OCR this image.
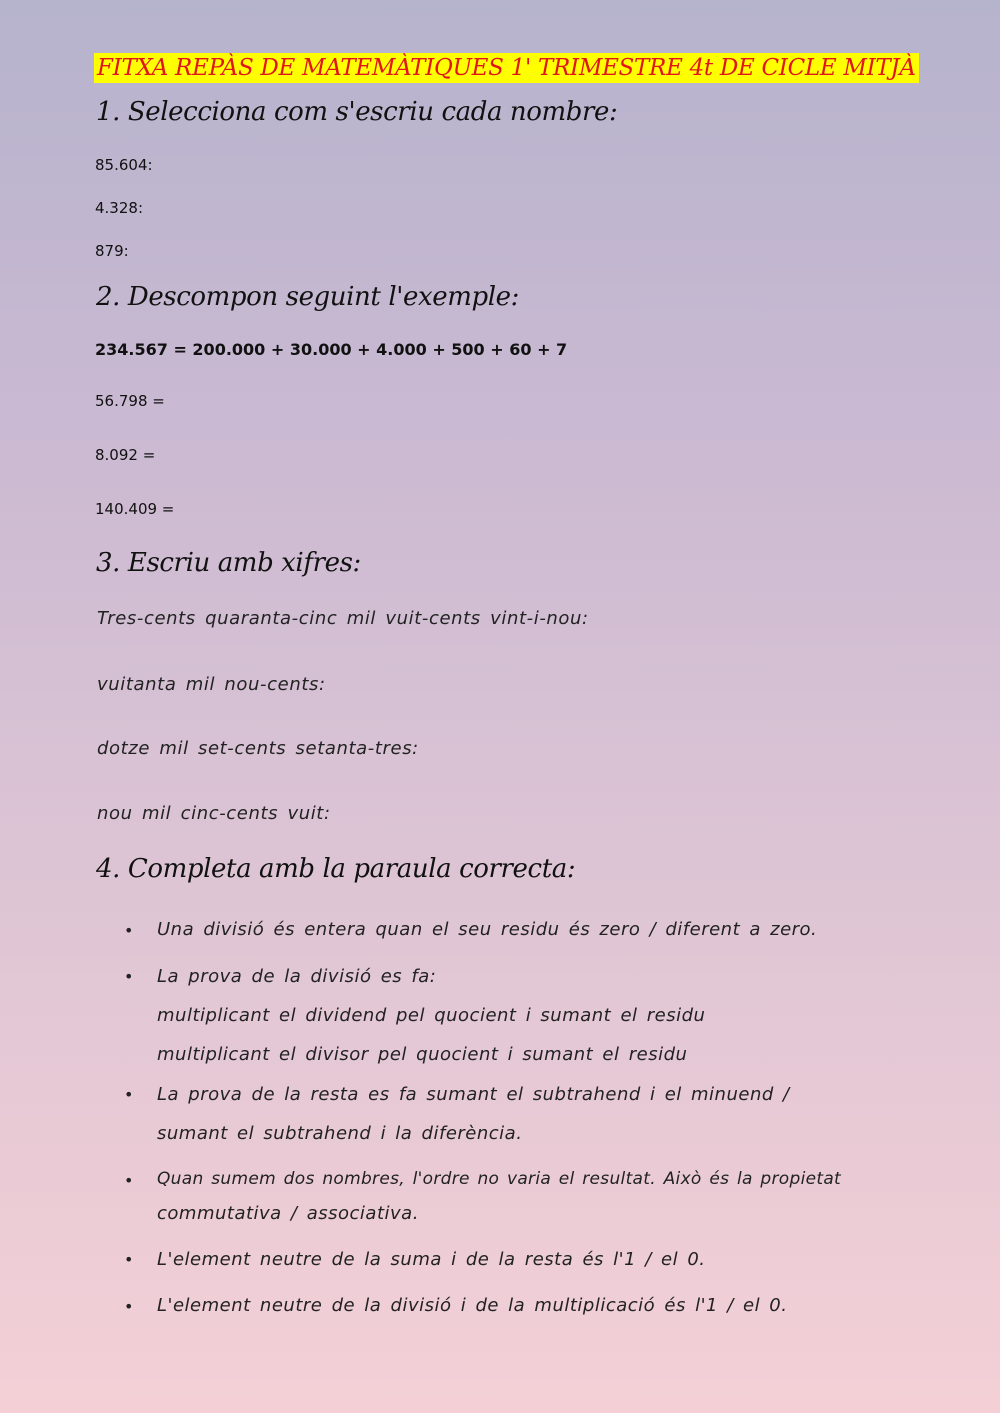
FITXA REPÀS DE MATEMÀTIQUES 1' TRIMESTRE 4t DE CICLE MITJÀ
1. Selecciona com s'escriu cada nombre:
85.604:
4.328:
879:
2. Descompon seguint l'exemple:
234.567 = 200.000 + 30.000 + 4.000 + 500 + 60 + 7
56.798 =
8.092 =
140.409 =
3. Escriu amb xifres:
Tres-cents quaranta-cinc mil vuit-cents vint-i-nou:
vuitanta mil nou-cents:
dotze mil set-cents setanta-tres:
nou mil cinc-cents vuit:
4. Completa amb la paraula correcta:
• Una divisió és entera quan el seu residu és zero / diferent a zero.
• La prova de la divisió es fa:
multiplicant el dividend pel quocient i sumant el residu
multiplicant el divisor pel quocient i sumant el residu
• La prova de la resta es fa sumant el subtrahend i el minuend /
sumant el subtrahend i la diferència.
• Quan sumem dos nombres, l'ordre no varia el resultat. Això és la propietat
commutativa / associativa.
• L'element neutre de la suma i de la resta és l'1 / el 0.
• L'element neutre de la divisió i de la multiplicació és l'1 / el 0.
